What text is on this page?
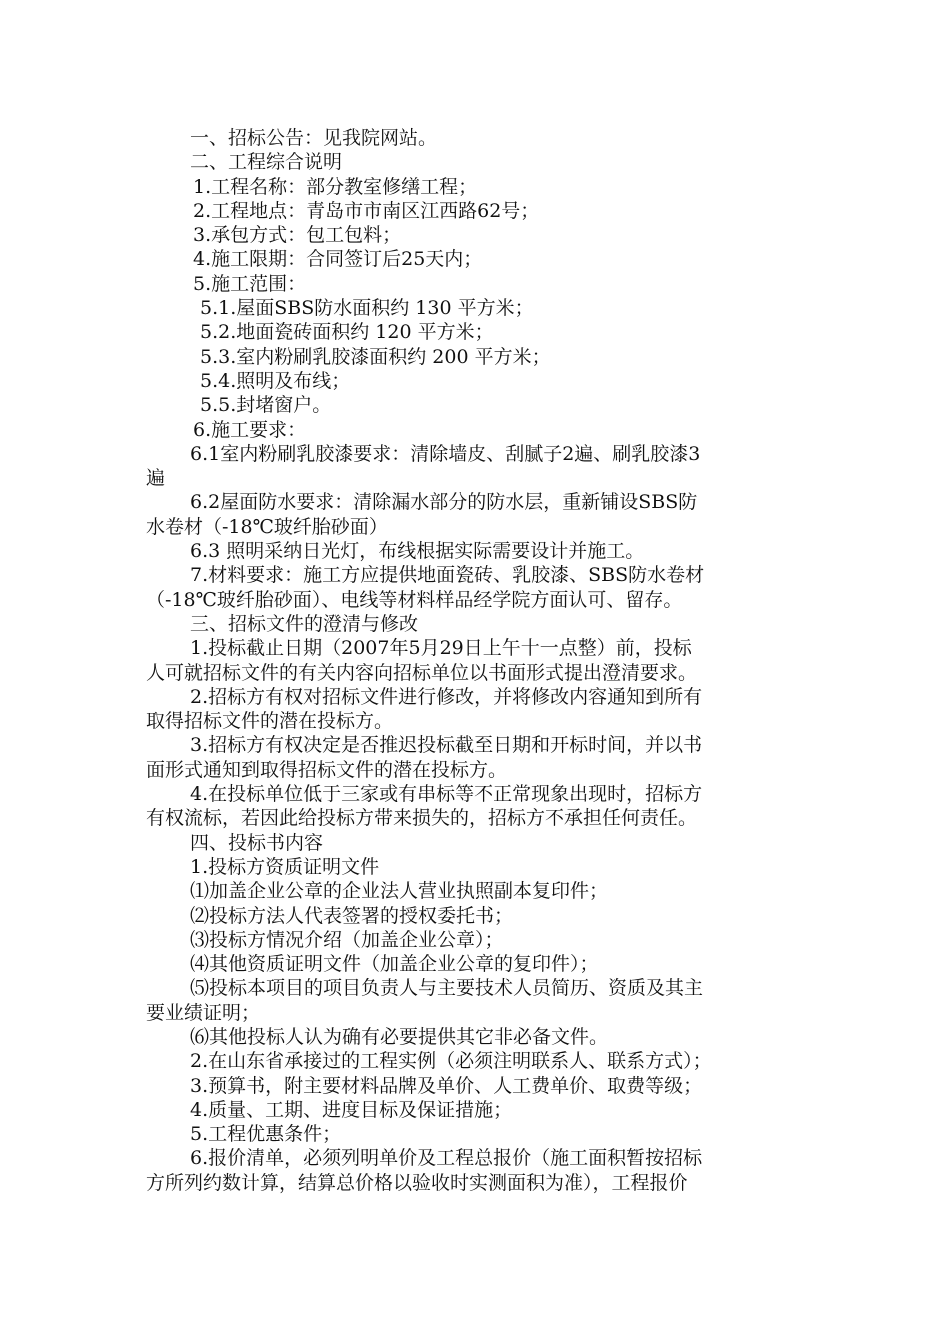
一、招标公告：见我院网站。
二、工程综合说明
1.工程名称：部分教室修缮工程；
2.工程地点：青岛市市南区江西路62号；
3.承包方式：包工包料；
4.施工限期：合同签订后25天内；
5.施工范围：
5.1.屋面SBS防水面积约 130 平方米；
5.2.地面瓷砖面积约 120 平方米；
5.3.室内粉刷乳胶漆面积约 200 平方米；
5.4.照明及布线；
5.5.封堵窗户。
6.施工要求：
6.1室内粉刷乳胶漆要求：清除墙皮、刮腻子2遍、刷乳胶漆3
遍
6.2屋面防水要求：清除漏水部分的防水层，重新铺设SBS防
水卷材（-18℃玻纤胎砂面）
6.3 照明采纳日光灯，布线根据实际需要设计并施工。
7.材料要求：施工方应提供地面瓷砖、乳胶漆、SBS防水卷材
（-18℃玻纤胎砂面）、电线等材料样品经学院方面认可、留存。
三、招标文件的澄清与修改
1.投标截止日期（2007年5月29日上午十一点整）前，投标
人可就招标文件的有关内容向招标单位以书面形式提出澄清要求。
2.招标方有权对招标文件进行修改，并将修改内容通知到所有
取得招标文件的潜在投标方。
3.招标方有权决定是否推迟投标截至日期和开标时间，并以书
面形式通知到取得招标文件的潜在投标方。
4.在投标单位低于三家或有串标等不正常现象出现时，招标方
有权流标，若因此给投标方带来损失的，招标方不承担任何责任。
四、投标书内容
1.投标方资质证明文件
⑴加盖企业公章的企业法人营业执照副本复印件；
⑵投标方法人代表签署的授权委托书；
⑶投标方情况介绍（加盖企业公章）；
⑷其他资质证明文件（加盖企业公章的复印件）；
⑸投标本项目的项目负责人与主要技术人员简历、资质及其主
要业绩证明；
⑹其他投标人认为确有必要提供其它非必备文件。
2.在山东省承接过的工程实例（必须注明联系人、联系方式）；
3.预算书，附主要材料品牌及单价、人工费单价、取费等级；
4.质量、工期、进度目标及保证措施；
5.工程优惠条件；
6.报价清单，必须列明单价及工程总报价（施工面积暂按招标
方所列约数计算，结算总价格以验收时实测面积为准），工程报价
